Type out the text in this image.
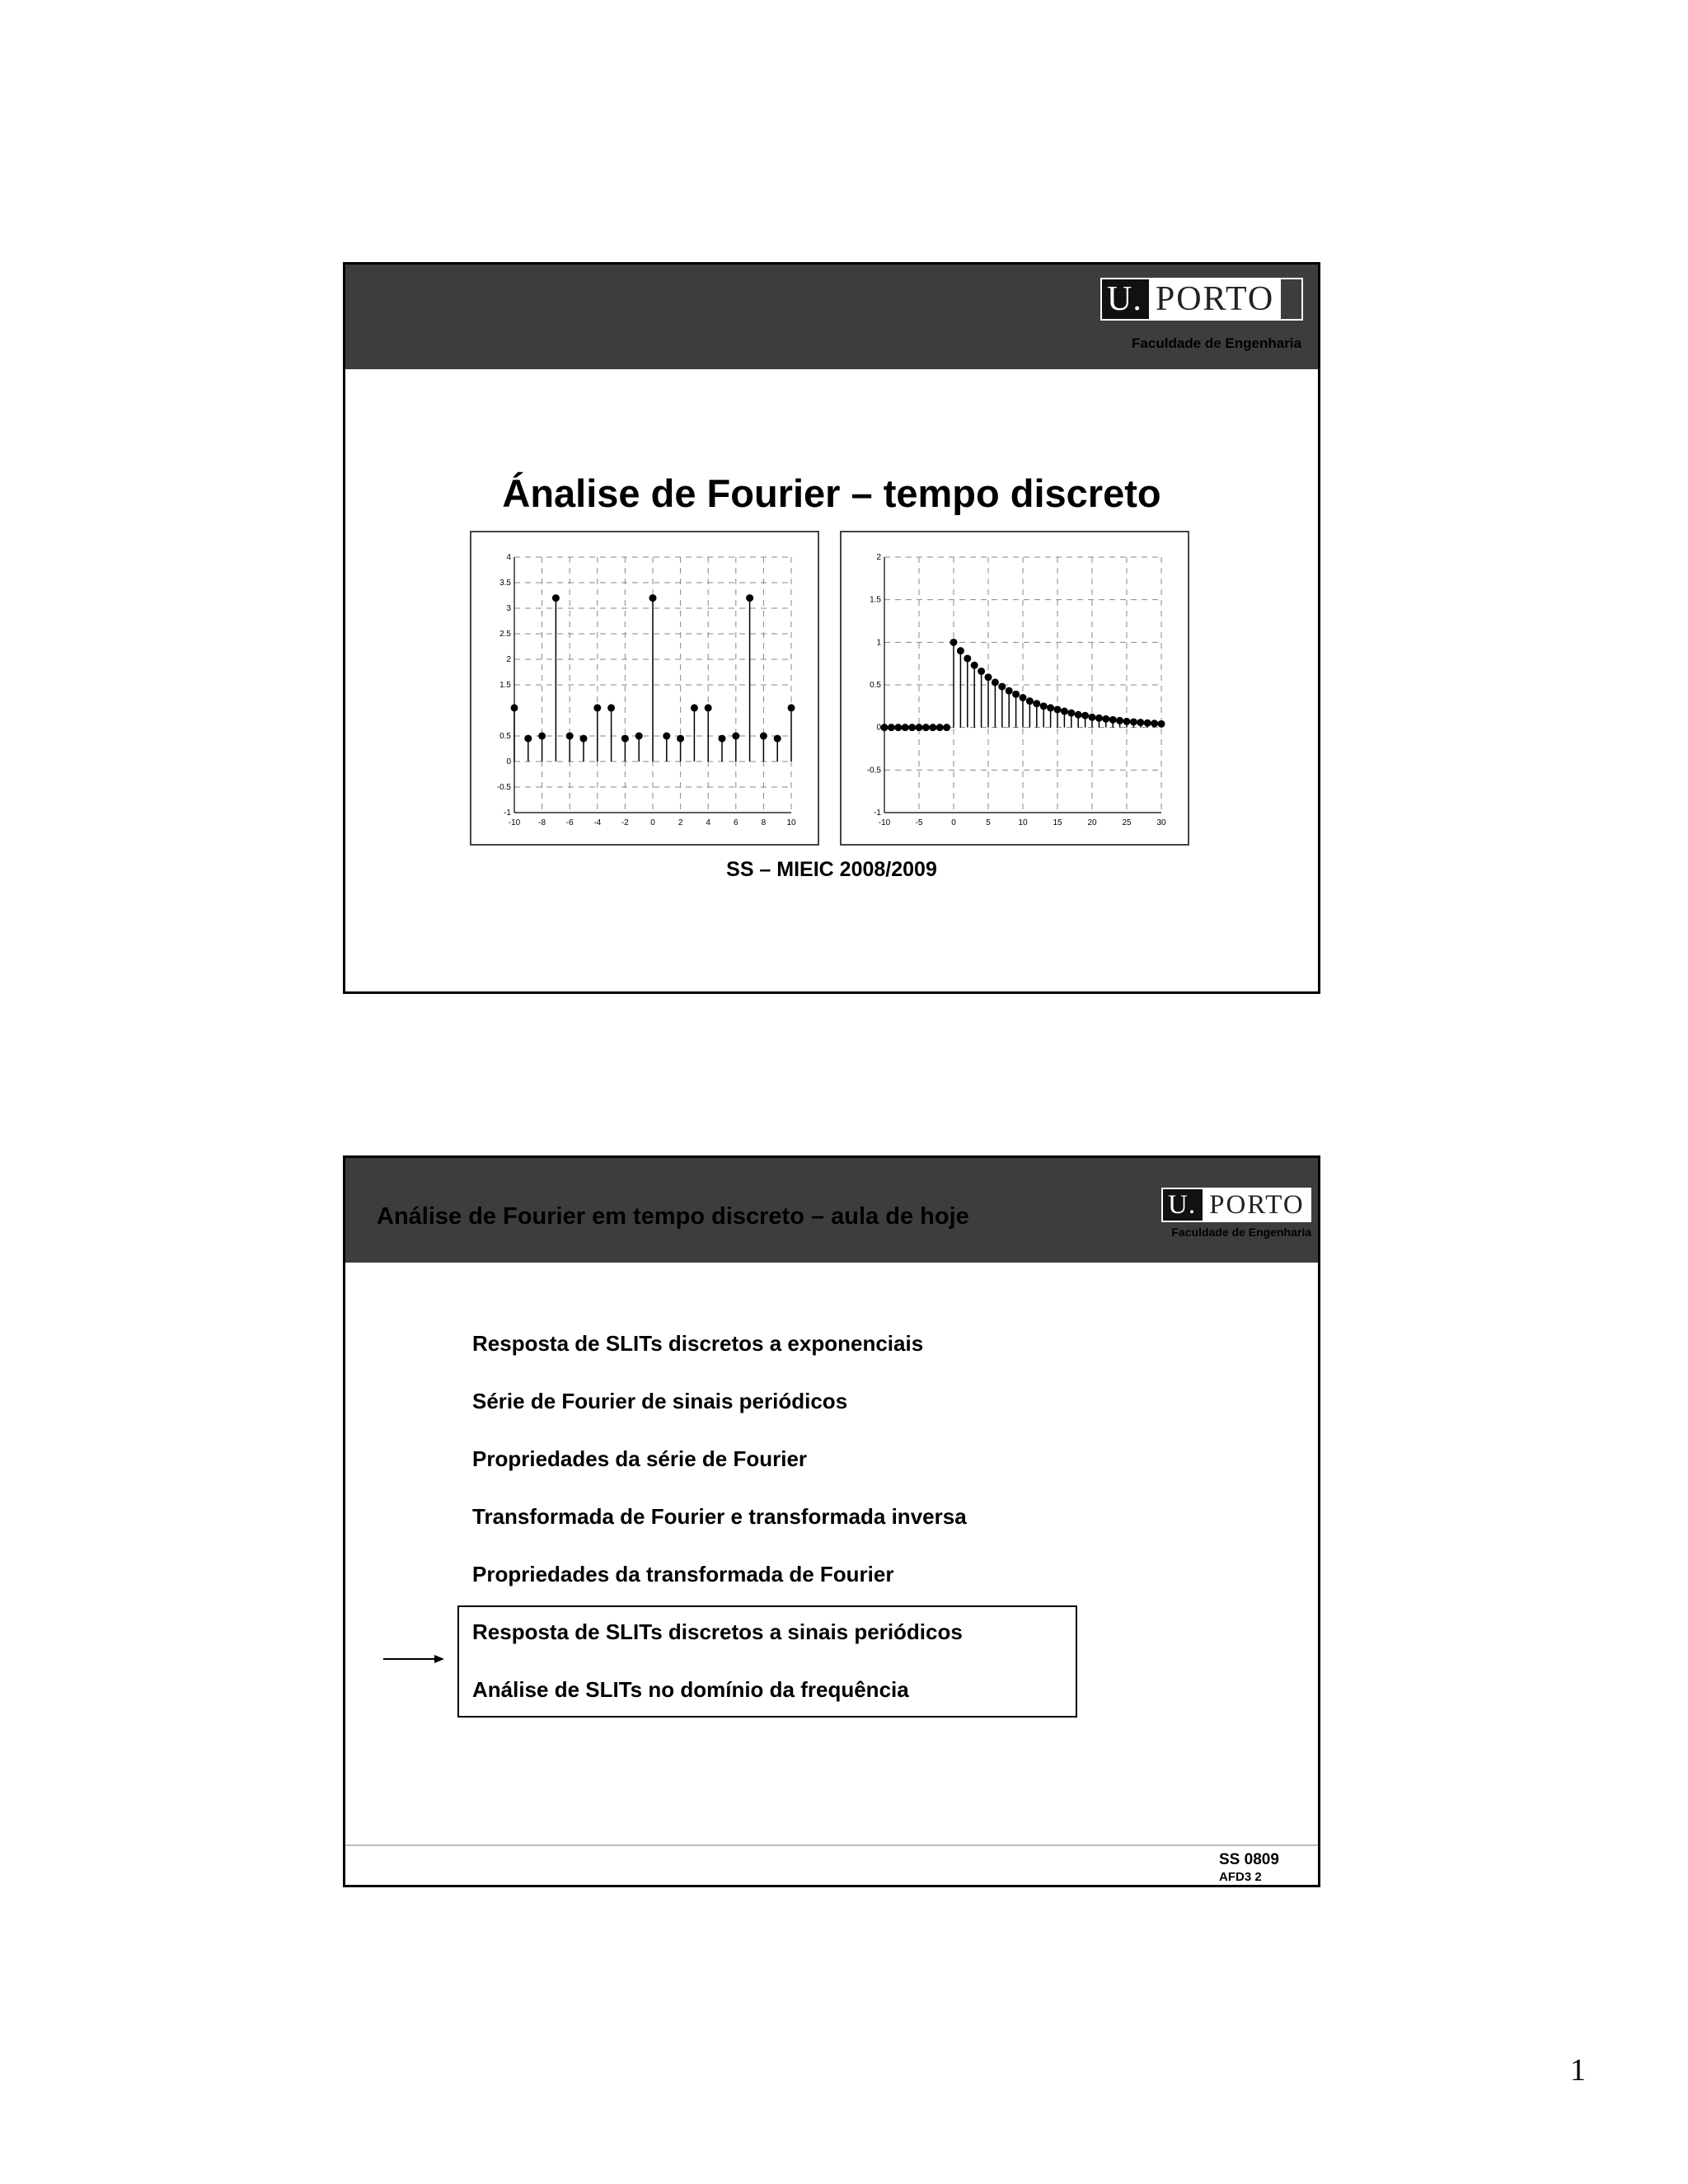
U. PORTO
Faculdade de Engenharia
Ánalise de Fourier – tempo discreto
-10 -8 -6 -4 -2	0	2	4	6	8	10
-1
-0.5
0
0.5
1.5
2
2.5
3
3.5
4
-10	-5	0	5	10	15	20	25	30
-1
-0.5
0
0.5
1
1.5
2
SS – MIEIC 2008/2009
Análise de Fourier em tempo discreto – aula de hoje	U. PORTO
Faculdade de Engenharia
Resposta de SLITs discretos a exponenciais
Série de Fourier de sinais periódicos
Propriedades da série de Fourier
Transformada de Fourier e transformada inversa
Propriedades da transformada de Fourier
Resposta de SLITs discretos a sinais periódicos
Análise de SLITs no domínio da frequência
SS 0809
AFD3 2
1
